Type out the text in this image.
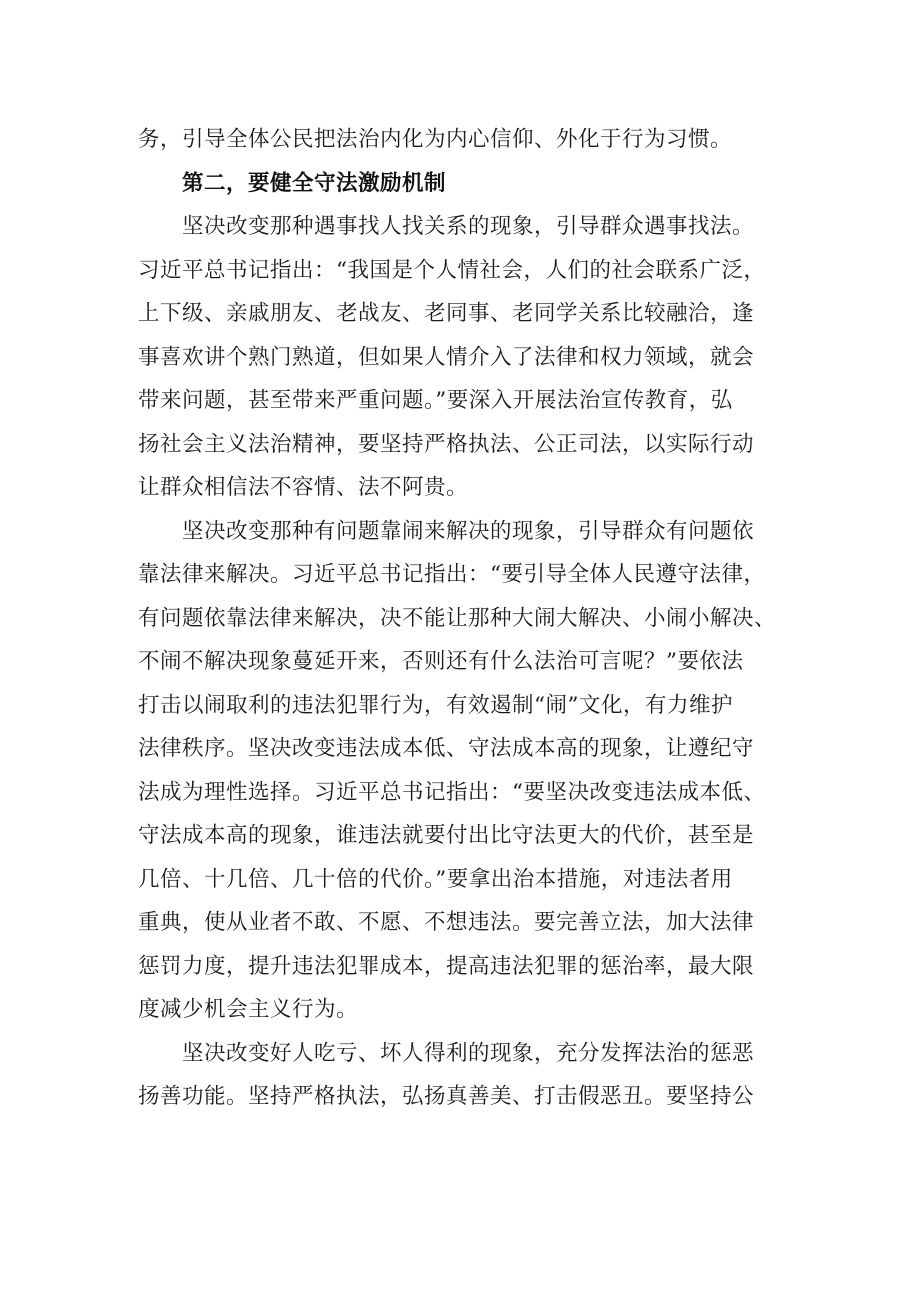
务，引导全体公民把法治内化为内心信仰、外化于行为习惯。

第二，要健全守法激励机制

坚决改变那种遇事找人找关系的现象，引导群众遇事找法。
习近平总书记指出：“我国是个人情社会，人们的社会联系广泛，
上下级、亲戚朋友、老战友、老同事、老同学关系比较融洽，逢
事喜欢讲个熟门熟道，但如果人情介入了法律和权力领域，就会
带来问题，甚至带来严重问题。”要深入开展法治宣传教育，弘
扬社会主义法治精神，要坚持严格执法、公正司法，以实际行动
让群众相信法不容情、法不阿贵。

坚决改变那种有问题靠闹来解决的现象，引导群众有问题依
靠法律来解决。习近平总书记指出：“要引导全体人民遵守法律，
有问题依靠法律来解决，决不能让那种大闹大解决、小闹小解决、
不闹不解决现象蔓延开来，否则还有什么法治可言呢？”要依法
打击以闹取利的违法犯罪行为，有效遏制“闹”文化，有力维护
法律秩序。坚决改变违法成本低、守法成本高的现象，让遵纪守
法成为理性选择。习近平总书记指出：“要坚决改变违法成本低、
守法成本高的现象，谁违法就要付出比守法更大的代价，甚至是
几倍、十几倍、几十倍的代价。”要拿出治本措施，对违法者用
重典，使从业者不敢、不愿、不想违法。要完善立法，加大法律
惩罚力度，提升违法犯罪成本，提高违法犯罪的惩治率，最大限
度减少机会主义行为。

坚决改变好人吃亏、坏人得利的现象，充分发挥法治的惩恶
扬善功能。坚持严格执法，弘扬真善美、打击假恶丑。要坚持公
